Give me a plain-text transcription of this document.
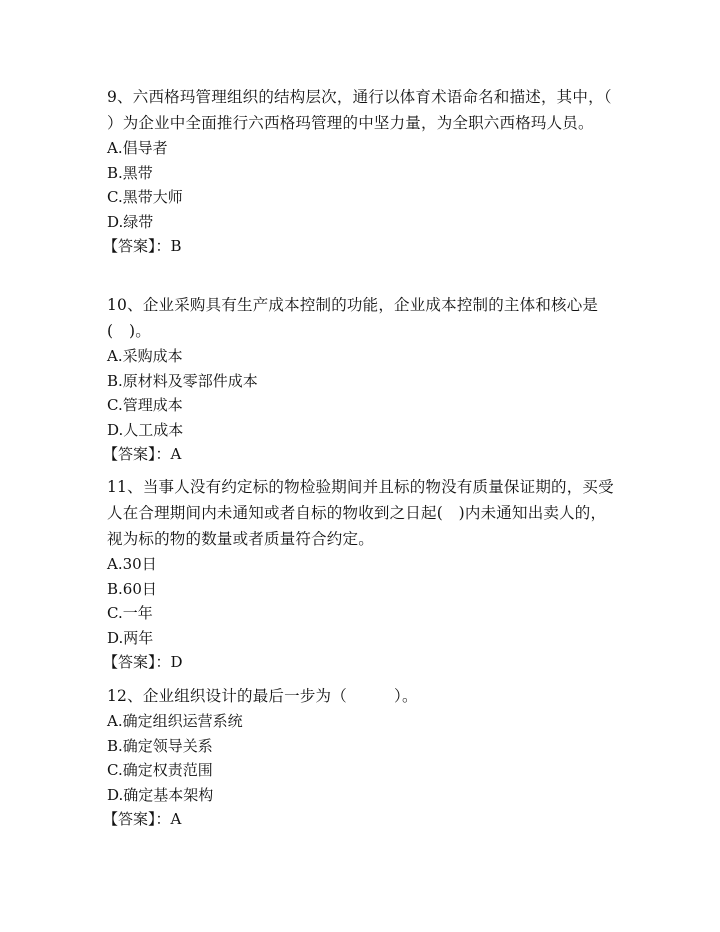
9、六西格玛管理组织的结构层次，通行以体育术语命名和描述，其中，（　　　）为企业中全面推行六西格玛管理的中坚力量，为全职六西格玛人员。

A.倡导者

B.黑带

C.黑带大师

D.绿带

【答案】：B

10、企业采购具有生产成本控制的功能，企业成本控制的主体和核心是(　)。

A.采购成本

B.原材料及零部件成本

C.管理成本

D.人工成本

【答案】：A

11、当事人没有约定标的物检验期间并且标的物没有质量保证期的，买受人在合理期间内未通知或者自标的物收到之日起(　)内未通知出卖人的，视为标的物的数量或者质量符合约定。

A.30日

B.60日

C.一年

D.两年

【答案】：D

12、企业组织设计的最后一步为（　　　）。

A.确定组织运营系统

B.确定领导关系

C.确定权责范围

D.确定基本架构

【答案】：A
